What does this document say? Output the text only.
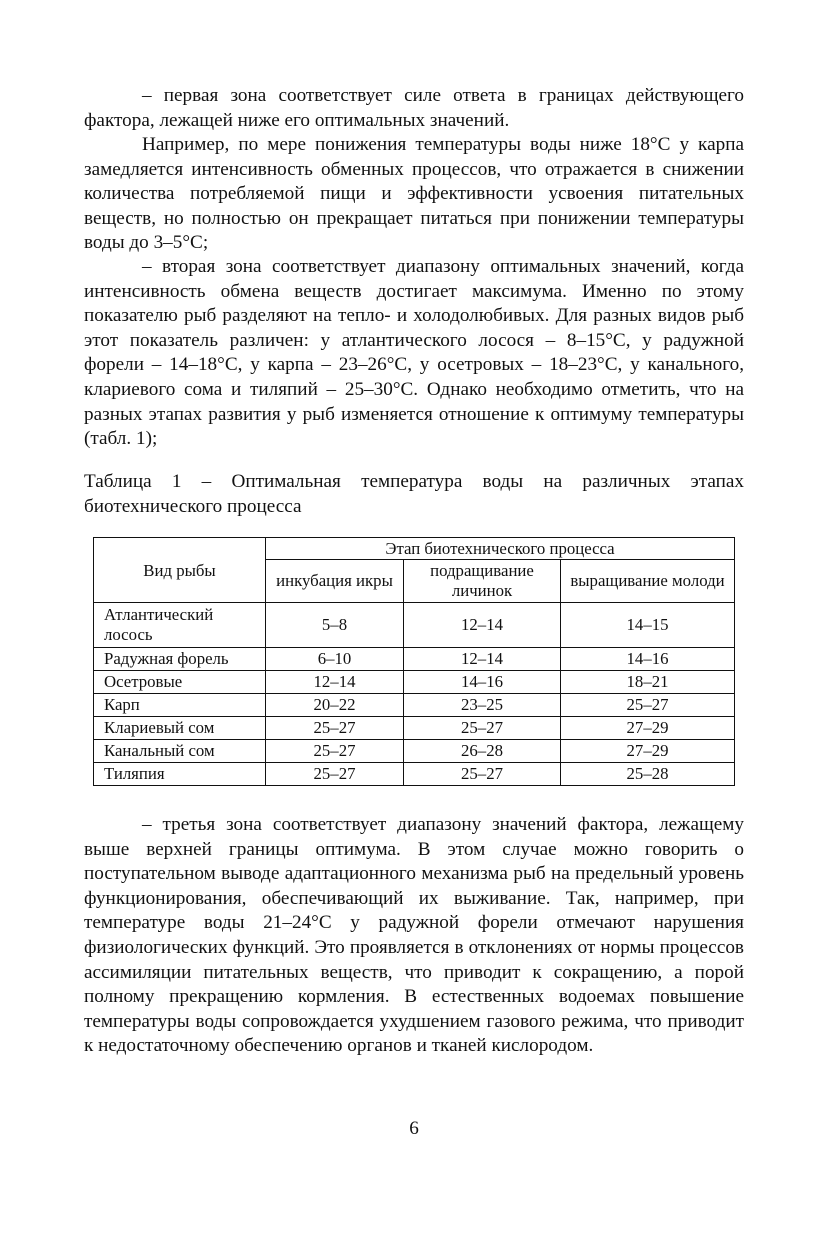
– первая зона соответствует силе ответа в границах действующего фактора, лежащей ниже его оптимальных значений.

Например, по мере понижения температуры воды ниже 18°С у карпа замедляется интенсивность обменных процессов, что отражается в снижении количества потребляемой пищи и эффективности усвоения питательных веществ, но полностью он прекращает питаться при понижении температуры воды до 3–5°С;

– вторая зона соответствует диапазону оптимальных значений, когда интенсивность обмена веществ достигает максимума. Именно по этому показателю рыб разделяют на тепло- и холодолюбивых. Для разных видов рыб этот показатель различен: у атлантического лосося – 8–15°С, у радужной форели – 14–18°С, у карпа – 23–26°С, у осетровых – 18–23°С, у канального, клариевого сома и тиляпий – 25–30°С. Однако необходимо отметить, что на разных этапах развития у рыб изменяется отношение к оптимуму температуры (табл. 1);

Таблица 1 – Оптимальная температура воды на различных этапах биотехнического процесса

Вид рыбы	Этап биотехнического процесса		
	инкубация икры	подращивание личинок	выращивание молоди
Атлантический лосось	5–8	12–14	14–15
Радужная форель	6–10	12–14	14–16
Осетровые	12–14	14–16	18–21
Карп	20–22	23–25	25–27
Клариевый сом	25–27	25–27	27–29
Канальный сом	25–27	26–28	27–29
Тиляпия	25–27	25–27	25–28

– третья зона соответствует диапазону значений фактора, лежащему выше верхней границы оптимума. В этом случае можно говорить о поступательном выводе адаптационного механизма рыб на предельный уровень функционирования, обеспечивающий их выживание. Так, например, при температуре воды 21–24°С у радужной форели отмечают нарушения физиологических функций. Это проявляется в отклонениях от нормы процессов ассимиляции питательных веществ, что приводит к сокращению, а порой полному прекращению кормления. В естественных водоемах повышение температуры воды сопровождается ухудшением газового режима, что приводит к недостаточному обеспечению органов и тканей кислородом.

6
